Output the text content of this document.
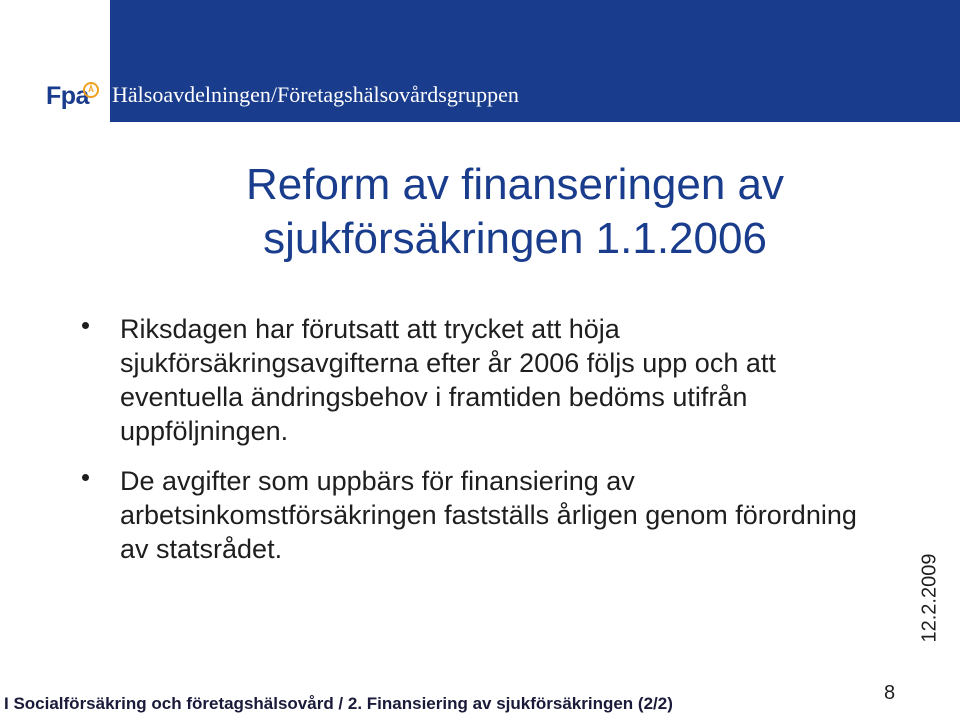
Fpa Å Hälsoavdelningen/Företagshälsovårdsgruppen
Reform av finanseringen av
sjukförsäkringen 1.1.2006
Riksdagen har förutsatt att trycket att höja sjukförsäkringsavgifterna efter år 2006 följs upp och att eventuella ändringsbehov i framtiden bedöms utifrån uppföljningen.
De avgifter som uppbärs för finansiering av arbetsinkomstförsäkringen fastställs årligen genom förordning av statsrådet.
12.2.2009
8
I Socialförsäkring och företagshälsovård / 2. Finansiering av sjukförsäkringen (2/2)
